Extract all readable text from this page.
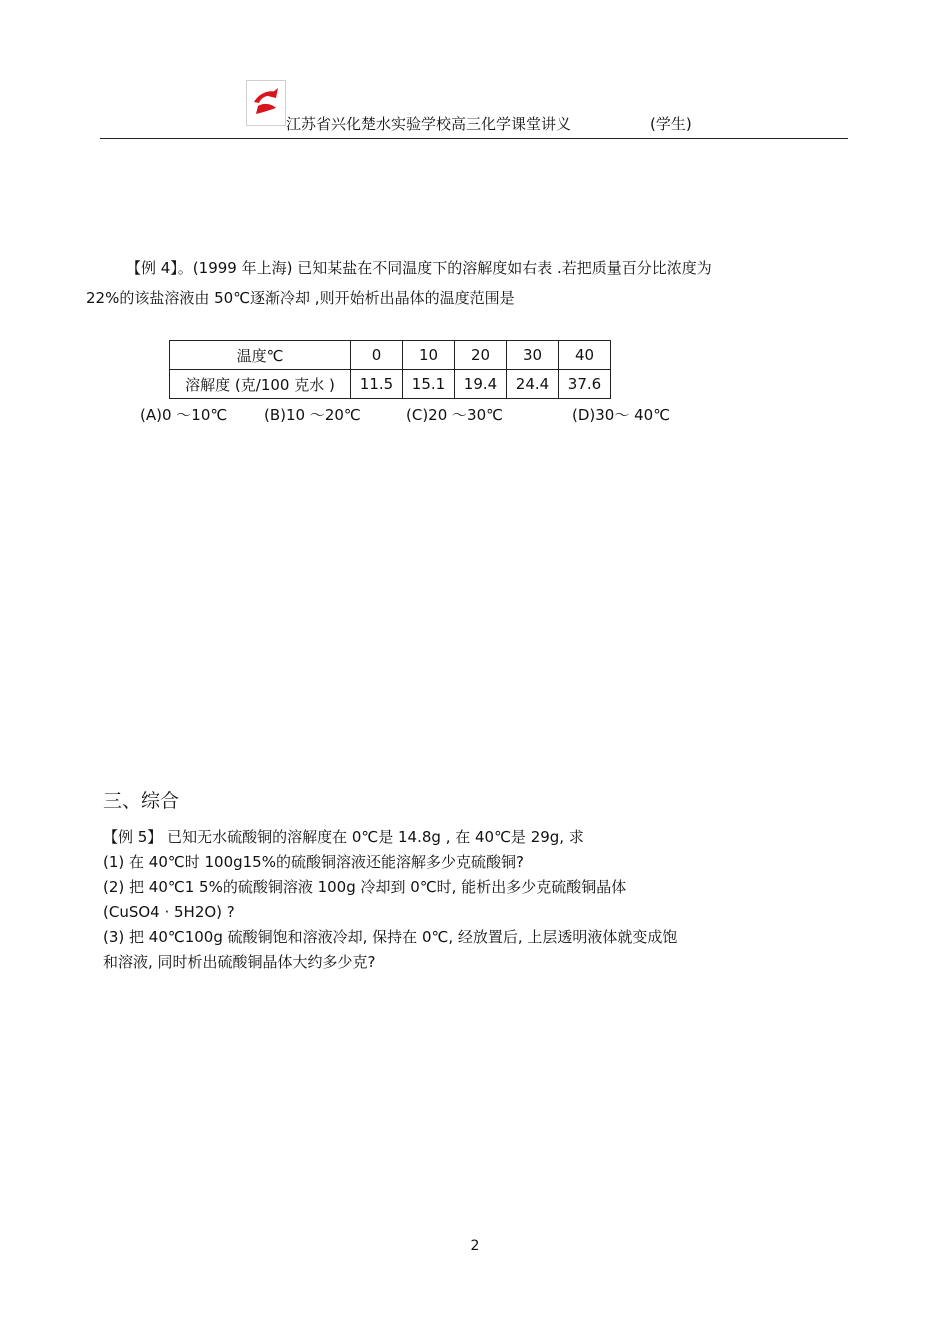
江苏省兴化楚水实验学校高三化学课堂讲义	(学生)
【例 4】。(1999 年上海) 已知某盐在不同温度下的溶解度如右表 .若把质量百分比浓度为
22%的该盐溶液由 50℃逐渐冷却 ,则开始析出晶体的温度范围是
温度℃	0	10	20	30	40
溶解度 (克/100 克水 )	11.5	15.1	19.4	24.4	37.6
(A)0 ～10℃ (B)10 ～20℃	(C)20 ～30℃	(D)30～ 40℃
三、综合
【例 5】 已知无水硫酸铜的溶解度在 0℃是 14.8g , 在 40℃是 29g, 求
(1) 在 40℃时 100g15%的硫酸铜溶液还能溶解多少克硫酸铜?
(2) 把 40℃1 5%的硫酸铜溶液 100g 冷却到 0℃时, 能析出多少克硫酸铜晶体
(CuSO4 · 5H2O) ?
(3) 把 40℃100g 硫酸铜饱和溶液冷却, 保持在 0℃, 经放置后, 上层透明液体就变成饱
和溶液, 同时析出硫酸铜晶体大约多少克?
2
